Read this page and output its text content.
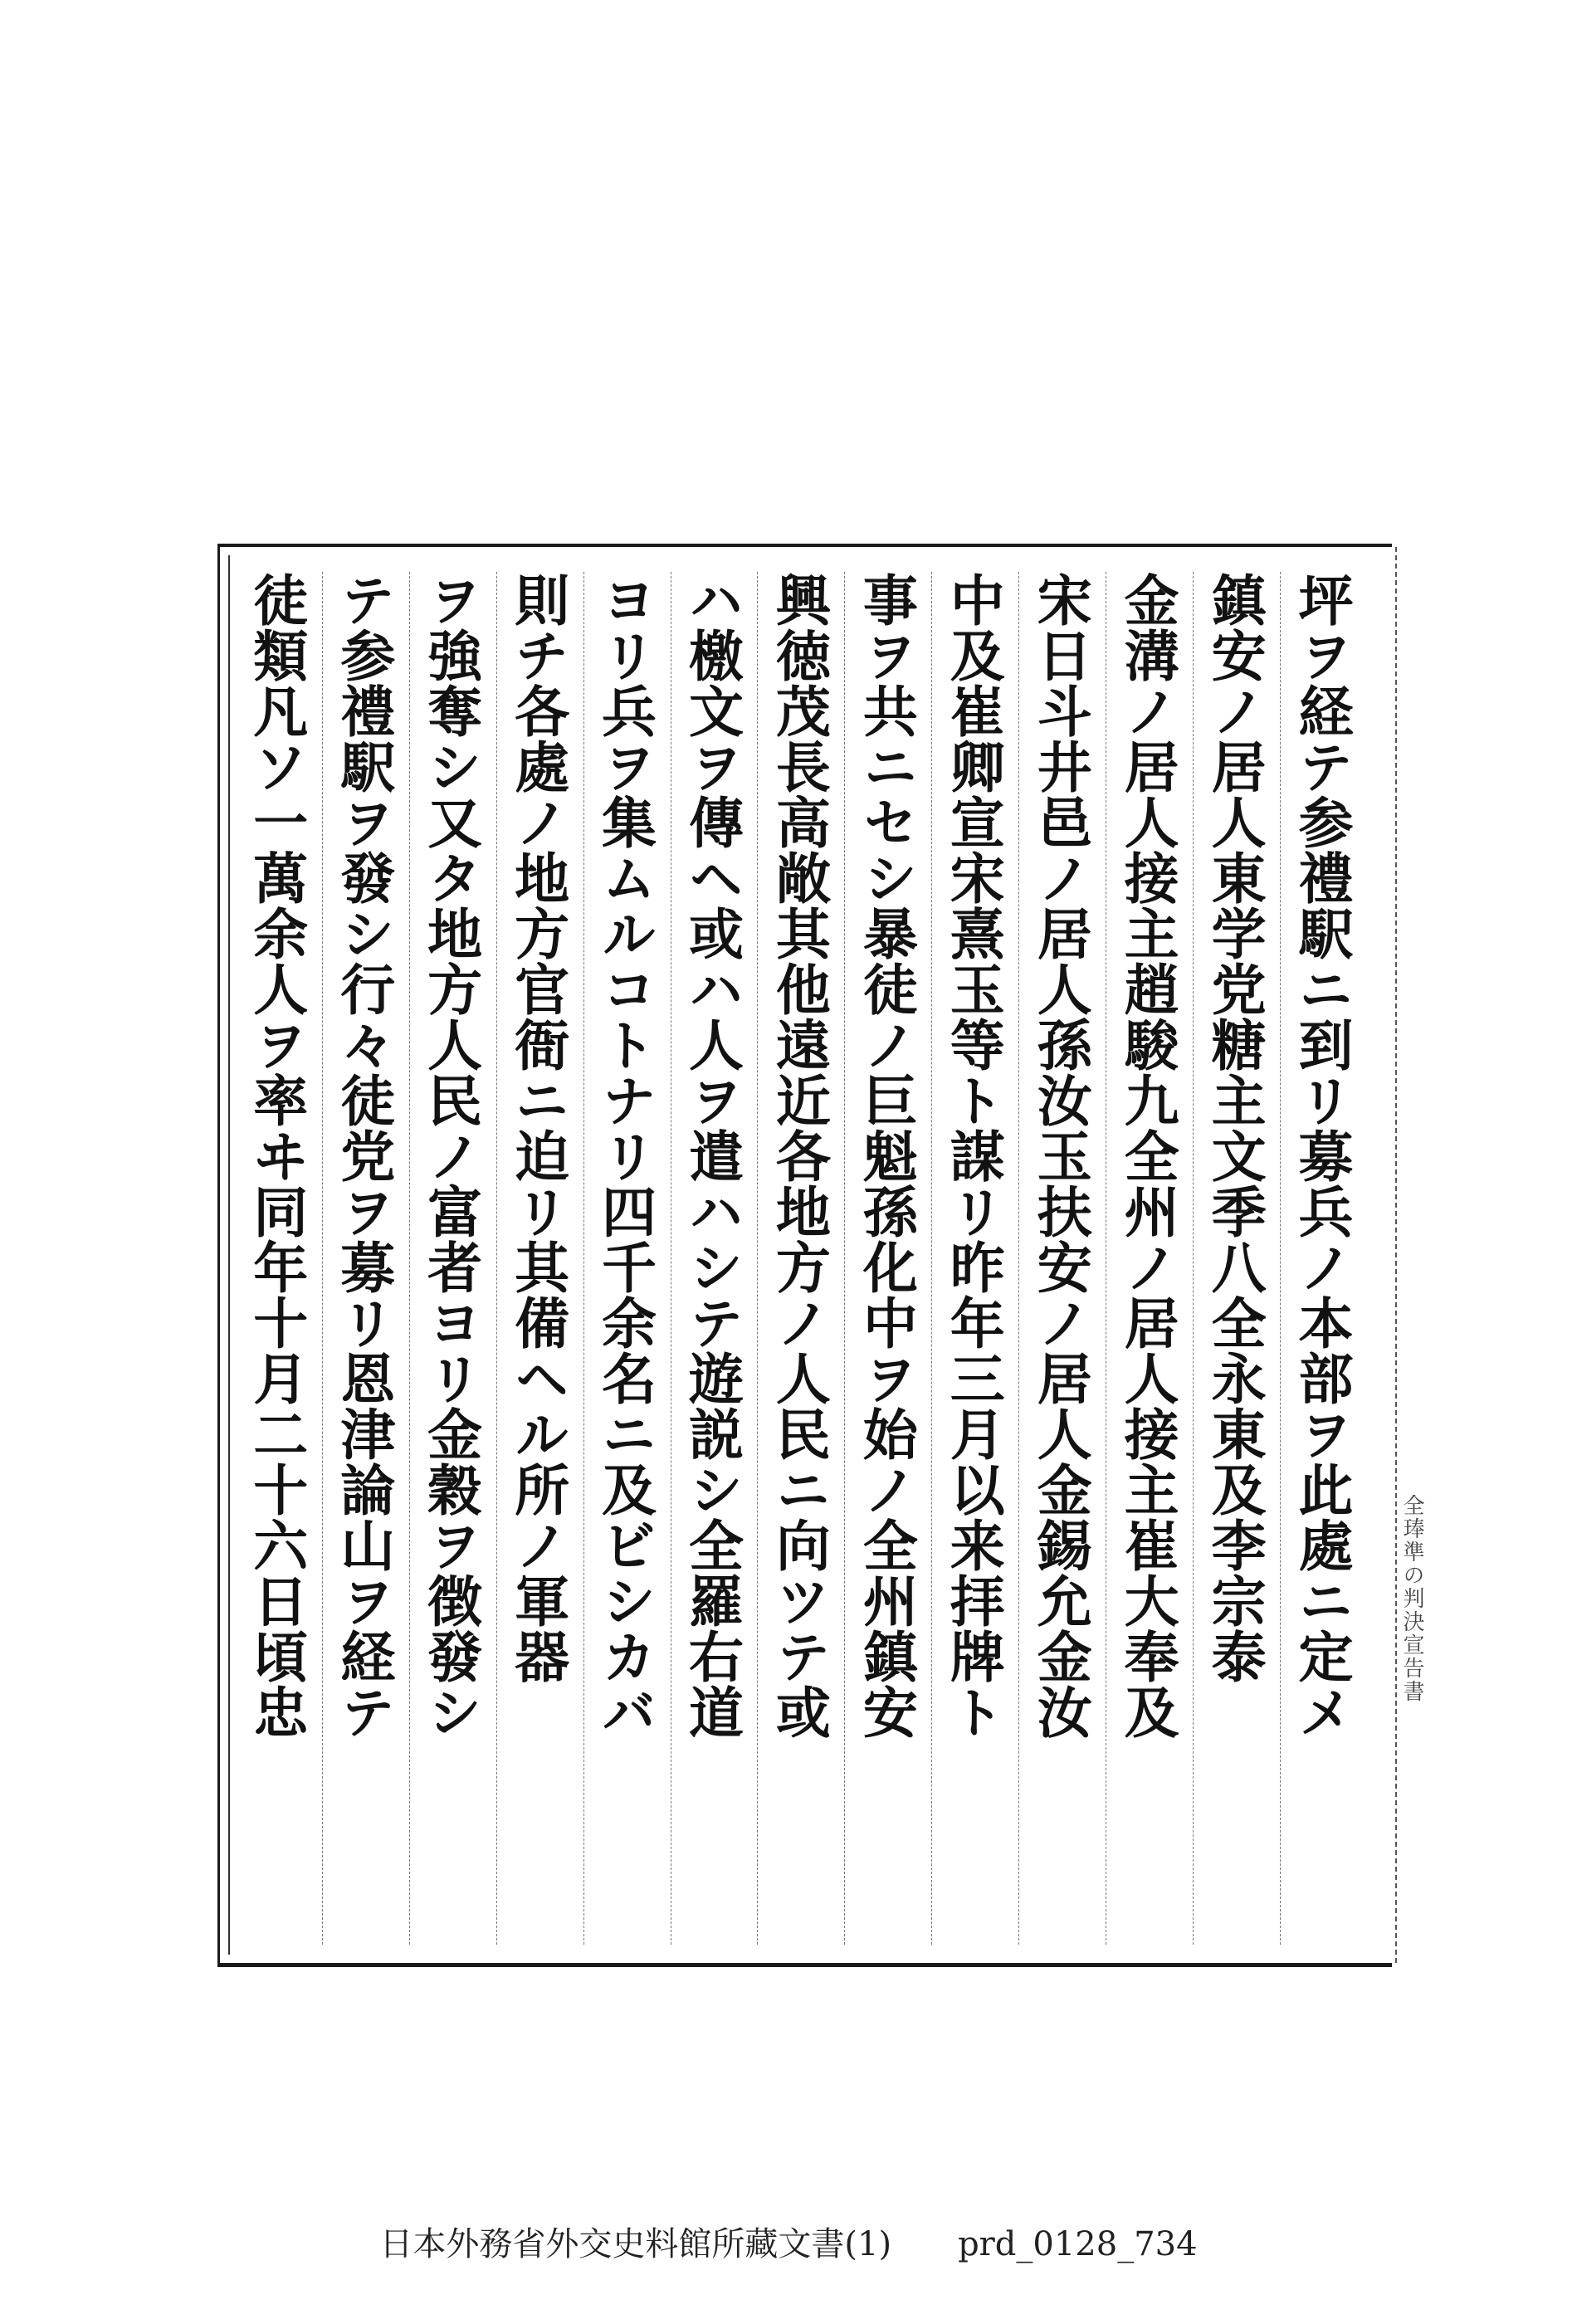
坪ヲ経テ参禮駅ニ到リ募兵ノ本部ヲ此處ニ定メ
鎮安ノ居人東学党糖主文季八全永東及李宗泰
金溝ノ居人接主趙駿九全州ノ居人接主崔大奉及
宋日斗井邑ノ居人孫汝玉扶安ノ居人金錫允金汝
中及崔卿宣宋熹玉等ト謀リ昨年三月以来拝牌ト
事ヲ共ニセシ暴徒ノ巨魁孫化中ヲ始ノ全州鎮安
興徳茂長高敞其他遠近各地方ノ人民ニ向ツテ或
ハ檄文ヲ傳ヘ或ハ人ヲ遣ハシテ遊説シ全羅右道
ヨリ兵ヲ集ムルコトナリ四千余名ニ及ビシカバ
則チ各處ノ地方官衙ニ迫リ其備ヘル所ノ軍器
ヲ強奪シ又タ地方人民ノ富者ヨリ金穀ヲ徴發シ
テ参禮駅ヲ發シ行々徒党ヲ募リ恩津論山ヲ経テ
徒類凡ソ一萬余人ヲ率ヰ同年十月二十六日頃忠	全琫準の判決宣告書
日本外務省外交史料館所藏文書(1)　　prd_0128_734
